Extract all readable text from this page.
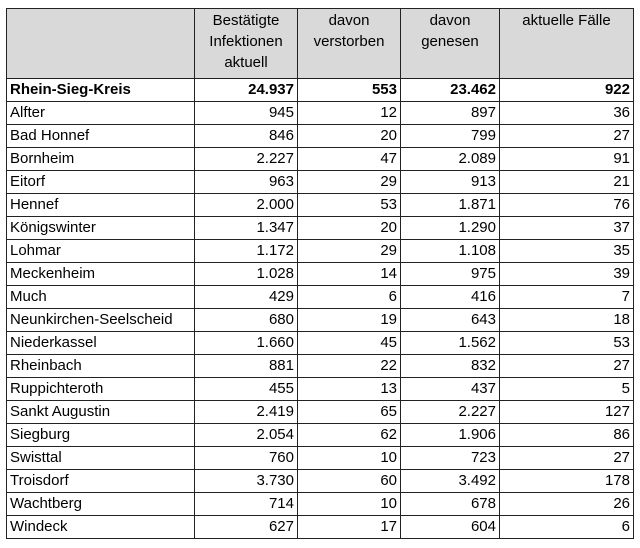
	Bestätigte Infektionen aktuell	davon verstorben	davon genesen	aktuelle Fälle
Rhein-Sieg-Kreis	24.937	553	23.462	922
Alfter	945	12	897	36
Bad Honnef	846	20	799	27
Bornheim	2.227	47	2.089	91
Eitorf	963	29	913	21
Hennef	2.000	53	1.871	76
Königswinter	1.347	20	1.290	37
Lohmar	1.172	29	1.108	35
Meckenheim	1.028	14	975	39
Much	429	6	416	7
Neunkirchen-Seelscheid	680	19	643	18
Niederkassel	1.660	45	1.562	53
Rheinbach	881	22	832	27
Ruppichteroth	455	13	437	5
Sankt Augustin	2.419	65	2.227	127
Siegburg	2.054	62	1.906	86
Swisttal	760	10	723	27
Troisdorf	3.730	60	3.492	178
Wachtberg	714	10	678	26
Windeck	627	17	604	6
